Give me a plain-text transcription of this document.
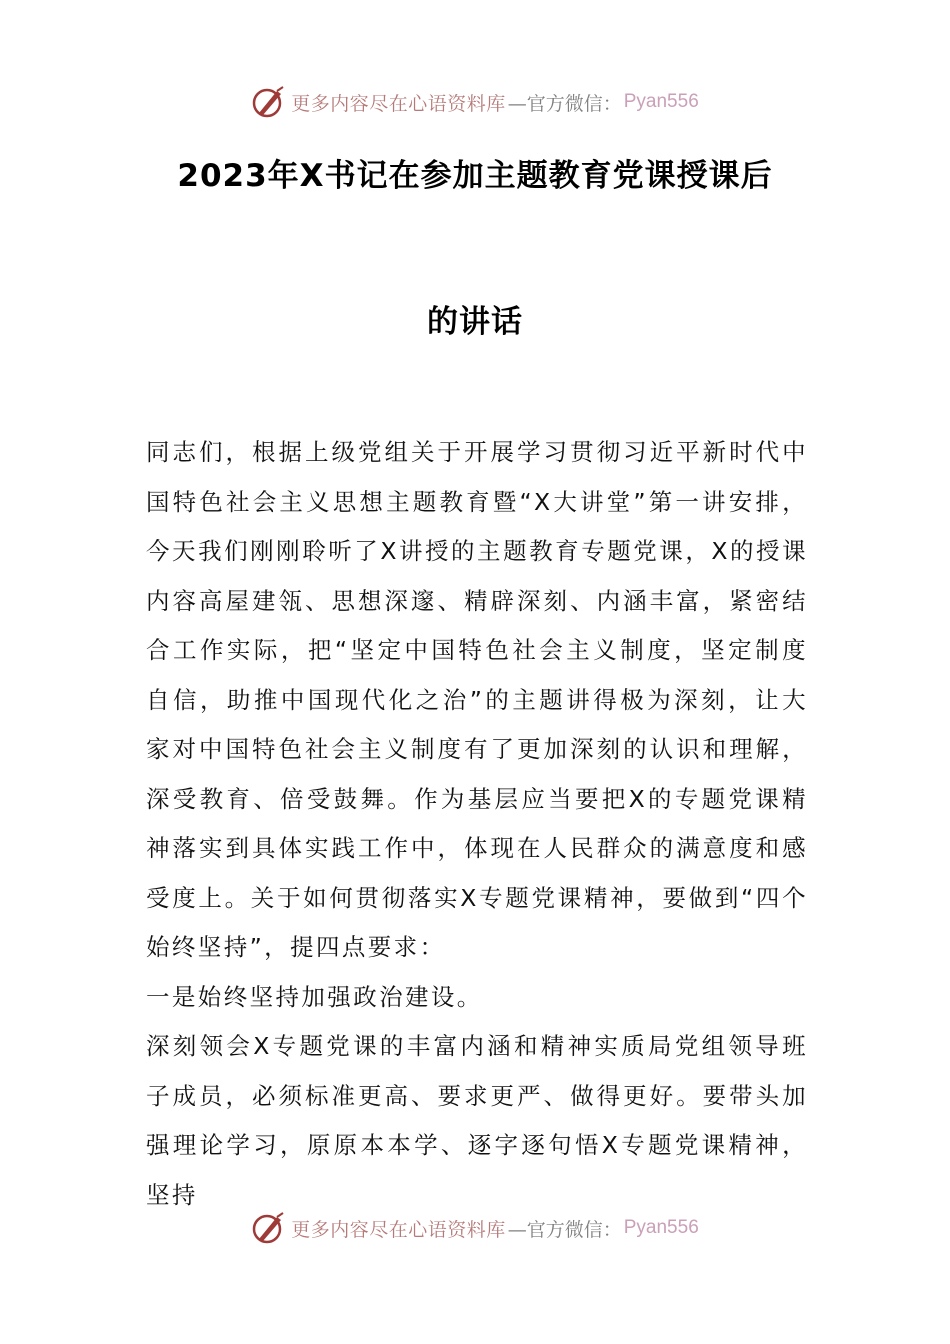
更多内容尽在心语资料库 —官方微信： Pyan556
2023年X书记在参加主题教育党课授课后
的讲话

同志们，根据上级党组关于开展学习贯彻习近平新时代中国特色社会主义思想主题教育暨“X大讲堂”第一讲安排，今天我们刚刚聆听了X讲授的主题教育专题党课，X的授课内容高屋建瓴、思想深邃、精辟深刻、内涵丰富，紧密结合工作实际，把“坚定中国特色社会主义制度，坚定制度自信，助推中国现代化之治”的主题讲得极为深刻，让大家对中国特色社会主义制度有了更加深刻的认识和理解，深受教育、倍受鼓舞。作为基层应当要把X的专题党课精神落实到具体实践工作中，体现在人民群众的满意度和感受度上。关于如何贯彻落实X专题党课精神，要做到“四个始终坚持”，提四点要求：

一是始终坚持加强政治建设。

深刻领会X专题党课的丰富内涵和精神实质局党组领导班子成员，必须标准更高、要求更严、做得更好。要带头加强理论学习，原原本本学、逐字逐句悟X专题党课精神，坚持

更多内容尽在心语资料库 —官方微信： Pyan556
